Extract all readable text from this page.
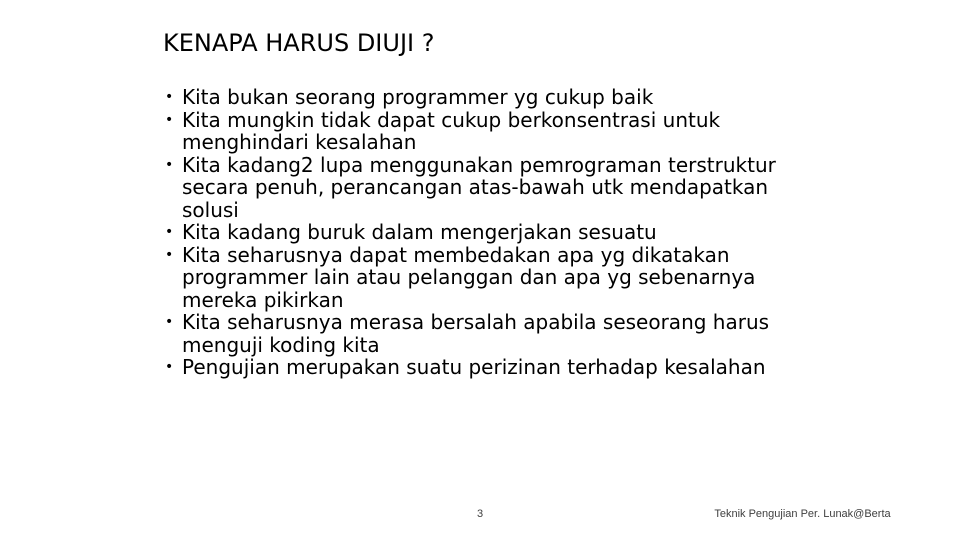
KENAPA HARUS DIUJI ?
• Kita bukan seorang programmer yg cukup baik
• Kita mungkin tidak dapat cukup berkonsentrasi untuk menghindari kesalahan
• Kita kadang2 lupa menggunakan pemrograman terstruktur secara penuh, perancangan atas-bawah utk mendapatkan solusi
• Kita kadang buruk dalam mengerjakan sesuatu
• Kita seharusnya dapat membedakan apa yg dikatakan programmer lain atau pelanggan dan apa yg sebenarnya mereka pikirkan
• Kita seharusnya merasa bersalah apabila seseorang harus menguji koding kita
• Pengujian merupakan suatu perizinan terhadap kesalahan
3	Teknik Pengujian Per. Lunak@Berta
